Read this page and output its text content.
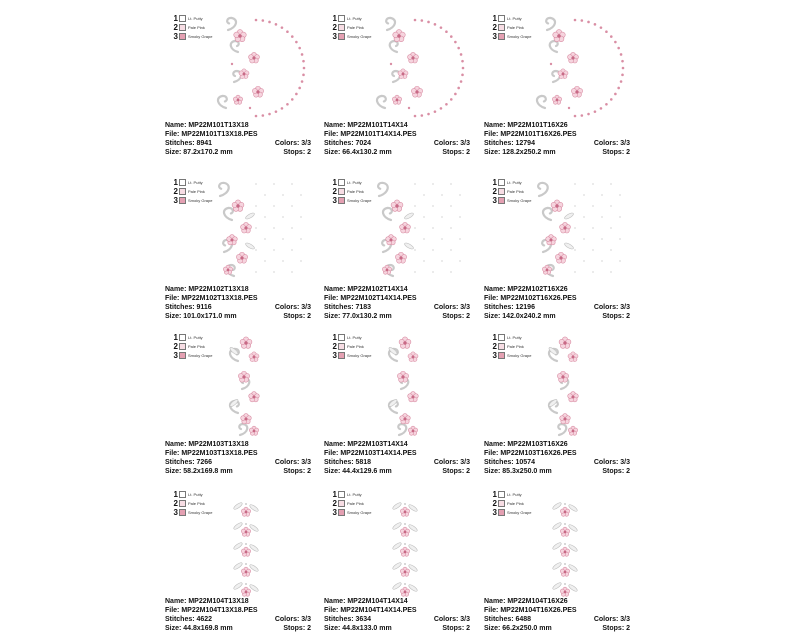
1	Lt. Putty
2	Pale Pink
3	Smoky Grape
Name: MP22M101T13X18
File: MP22M101T13X18.PES
Stitches: 8941	Colors: 3/3
Size: 87.2x170.2 mm	Stops: 2
1	Lt. Putty
2	Pale Pink
3	Smoky Grape
Name: MP22M101T14X14
File: MP22M101T14X14.PES
Stitches: 7024	Colors: 3/3
Size: 66.4x130.2 mm	Stops: 2
1	Lt. Putty
2	Pale Pink
3	Smoky Grape
Name: MP22M101T16X26
File: MP22M101T16X26.PES
Stitches: 12794	Colors: 3/3
Size: 128.2x250.2 mm	Stops: 2
1	Lt. Putty
2	Pale Pink
3	Smoky Grape
Name: MP22M102T13X18
File: MP22M102T13X18.PES
Stitches: 9116	Colors: 3/3
Size: 101.0x171.0 mm	Stops: 2
1	Lt. Putty
2	Pale Pink
3	Smoky Grape
Name: MP22M102T14X14
File: MP22M102T14X14.PES
Stitches: 7183	Colors: 3/3
Size: 77.0x130.2 mm	Stops: 2
1	Lt. Putty
2	Pale Pink
3	Smoky Grape
Name: MP22M102T16X26
File: MP22M102T16X26.PES
Stitches: 12196	Colors: 3/3
Size: 142.0x240.2 mm	Stops: 2
1	Lt. Putty
2	Pale Pink
3	Smoky Grape
Name: MP22M103T13X18
File: MP22M103T13X18.PES
Stitches: 7266	Colors: 3/3
Size: 58.2x169.8 mm	Stops: 2
1	Lt. Putty
2	Pale Pink
3	Smoky Grape
Name: MP22M103T14X14
File: MP22M103T14X14.PES
Stitches: 5818	Colors: 3/3
Size: 44.4x129.6 mm	Stops: 2
1	Lt. Putty
2	Pale Pink
3	Smoky Grape
Name: MP22M103T16X26
File: MP22M103T16X26.PES
Stitches: 10574	Colors: 3/3
Size: 85.3x250.0 mm	Stops: 2
1	Lt. Putty
2	Pale Pink
3	Smoky Grape
Name: MP22M104T13X18
File: MP22M104T13X18.PES
Stitches: 4622	Colors: 3/3
Size: 44.8x169.8 mm	Stops: 2
1	Lt. Putty
2	Pale Pink
3	Smoky Grape
Name: MP22M104T14X14
File: MP22M104T14X14.PES
Stitches: 3634	Colors: 3/3
Size: 44.8x133.0 mm	Stops: 2
1	Lt. Putty
2	Pale Pink
3	Smoky Grape
Name: MP22M104T16X26
File: MP22M104T16X26.PES
Stitches: 6488	Colors: 3/3
Size: 66.2x250.0 mm	Stops: 2
